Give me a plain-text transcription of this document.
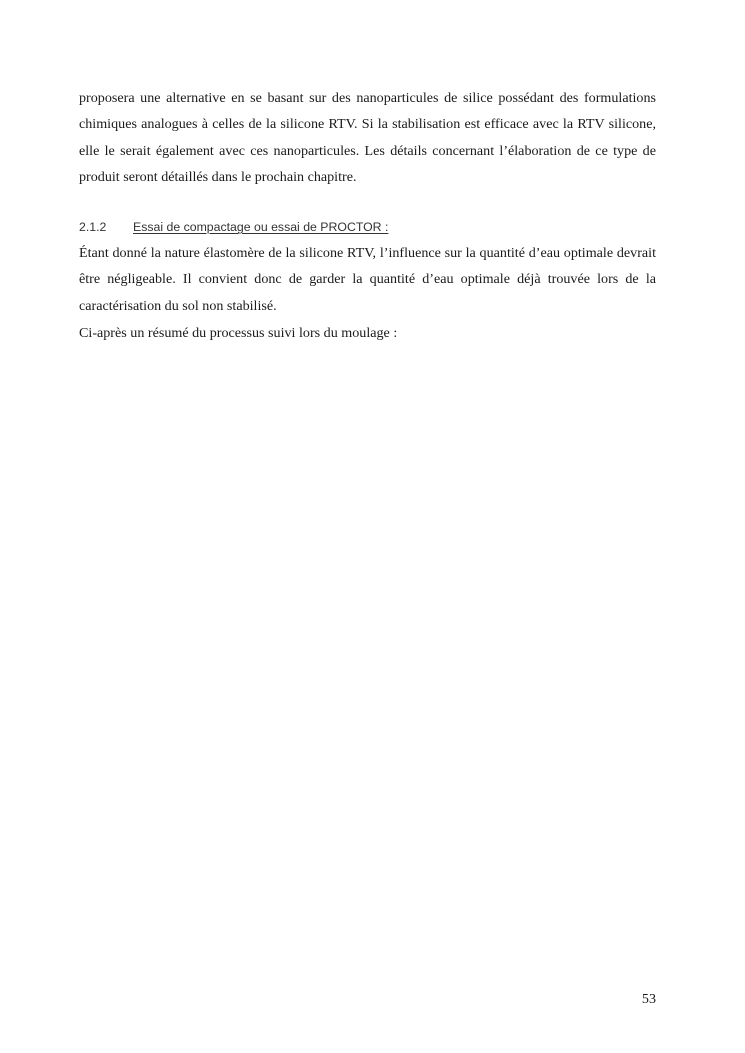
proposera une alternative en se basant sur des nanoparticules de silice possédant des formulations chimiques analogues à celles de la silicone RTV. Si la stabilisation est efficace avec la RTV silicone, elle le serait également avec ces nanoparticules. Les détails concernant l’élaboration de ce type de produit seront détaillés dans le prochain chapitre.

2.1.2 Essai de compactage ou essai de PROCTOR :

Étant donné la nature élastomère de la silicone RTV, l’influence sur la quantité d’eau optimale devrait être négligeable. Il convient donc de garder la quantité d’eau optimale déjà trouvée lors de la caractérisation du sol non stabilisé.

Ci-après un résumé du processus suivi lors du moulage :

53
